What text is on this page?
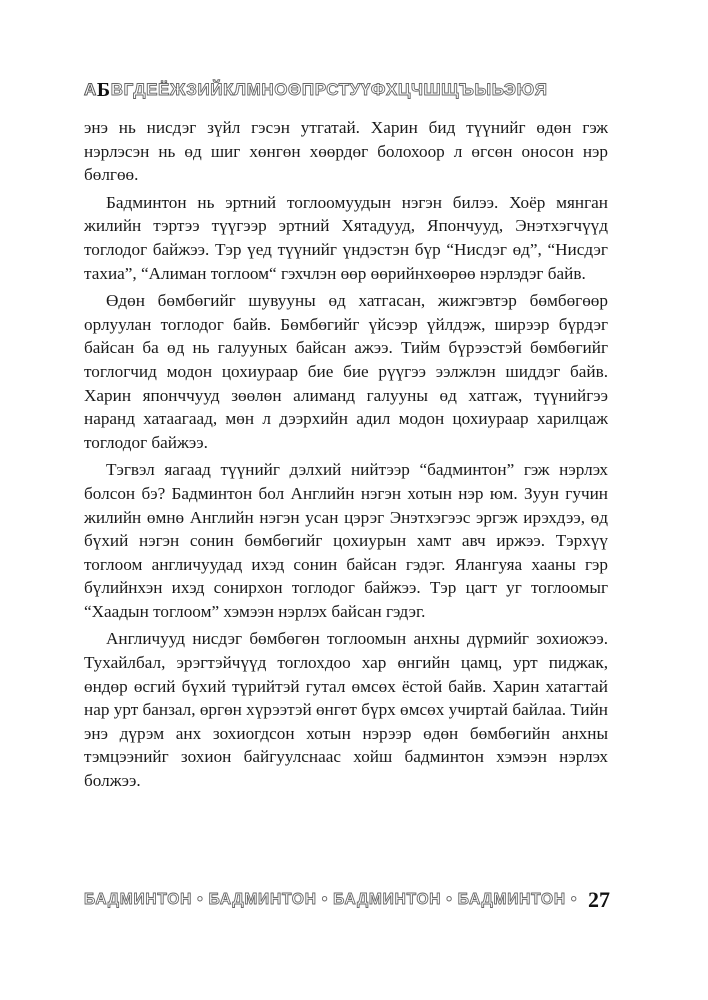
А Б ВГДЕЁЖЗИЙКЛМНОӨПРСТУҮФХЦЧШЩЪЫЬЭЮЯ

энэ нь нисдэг зүйл гэсэн утгатай. Харин бид түүнийг өдөн гэж нэрлэсэн нь өд шиг хөнгөн хөөрдөг болохоор л өгсөн оносон нэр бөлгөө.

Бадминтон нь эртний тоглоомуудын нэгэн билээ. Хоёр мянган жилийн тэртээ түүгээр эртний Хятадууд, Япончууд, Энэтхэгчүүд тоглодог байжээ. Тэр үед түүнийг үндэстэн бүр “Нисдэг өд”, “Нисдэг тахиа”, “Алиман тоглоом“ гэхчлэн өөр өөрийнхөөрөө нэрлэдэг байв.

Өдөн бөмбөгийг шувууны өд хатгасан, жижгэвтэр бөмбөгөөр орлуулан тоглодог байв. Бөмбөгийг үйсээр үйлдэж, ширээр бүрдэг байсан ба өд нь галууных байсан ажээ. Тийм бүрээстэй бөмбөгийг тоглогчид модон цохиураар бие бие рүүгээ ээлжлэн шиддэг байв. Харин японччууд зөөлөн алиманд галууны өд хатгаж, түүнийгээ наранд хатаагаад, мөн л дээрхийн адил модон цохиураар харилцаж тоглодог байжээ.

Тэгвэл яагаад түүнийг дэлхий нийтээр “бадминтон” гэж нэрлэх болсон бэ? Бадминтон бол Английн нэгэн хотын нэр юм. Зуун гучин жилийн өмнө Английн нэгэн усан цэрэг Энэтхэгээс эргэж ирэхдээ, өд бүхий нэгэн сонин бөмбөгийг цохиурын хамт авч иржээ. Тэрхүү тоглоом англичуудад ихэд сонин байсан гэдэг. Ялангуяа хааны гэр бүлийнхэн ихэд сонирхон тоглодог байжээ. Тэр цагт уг тоглоомыг “Хаадын тоглоом” хэмээн нэрлэх байсан гэдэг.

Англичууд нисдэг бөмбөгөн тоглоомын анхны дүрмийг зохиожээ. Тухайлбал, эрэгтэйчүүд тоглохдоо хар өнгийн цамц, урт пиджак, өндөр өсгий бүхий түрийтэй гутал өмсөх ёстой байв. Харин хатагтай нар урт банзал, өргөн хүрээтэй өнгөт бүрх өмсөх учиртай байлаа. Тийн энэ дүрэм анх зохиогдсон хотын нэрээр өдөн бөмбөгийн анхны тэмцээнийг зохион байгуулснаас хойш бадминтон хэмээн нэрлэх болжээ.

БАДМИНТОН • БАДМИНТОН • БАДМИНТОН • БАДМИНТОН • 27
